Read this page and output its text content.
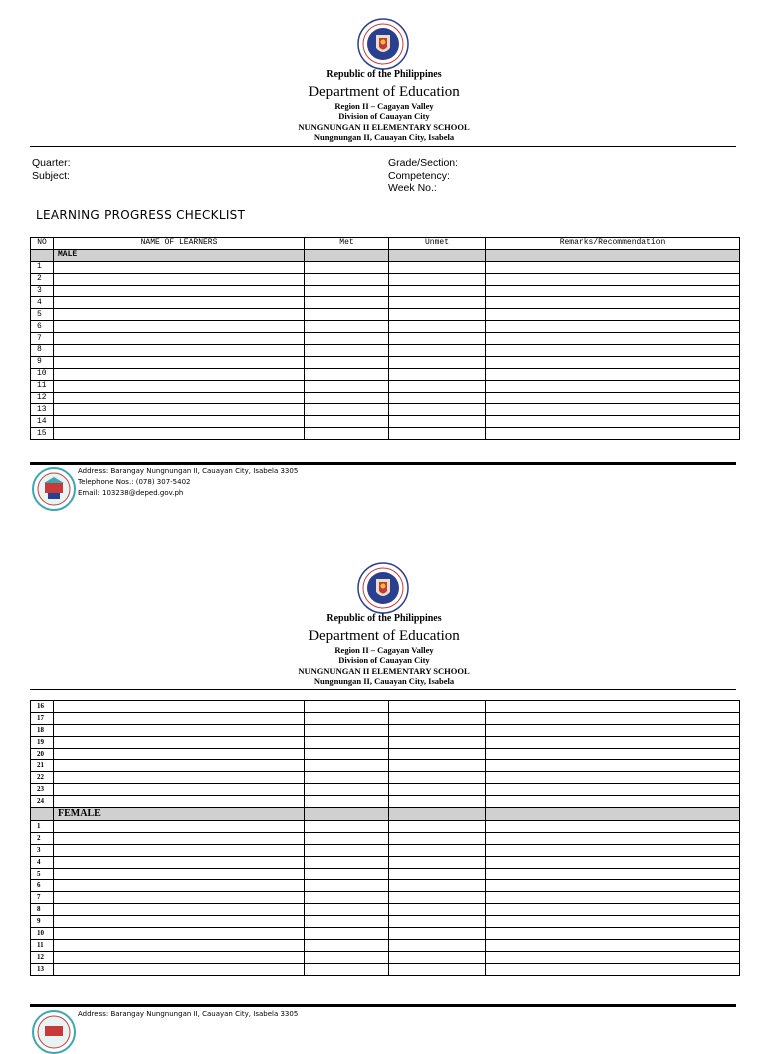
Republic of the Philippines
Department of Education
Region II – Cagayan Valley
Division of Cauayan City
NUNGNUNGAN II ELEMENTARY SCHOOL
Nungnungan II, Cauayan City, Isabela
Quarter:
Subject:
Grade/Section:
Competency:
Week No.:
LEARNING PROGRESS CHECKLIST
NO	NAME OF LEARNERS	Met	Unmet	Remarks/Recommendation
	MALE			
1				
2				
3				
4				
5				
6				
7				
8				
9				
10				
11				
12				
13				
14				
15				
Address: Barangay Nungnungan II, Cauayan City, Isabela 3305
Telephone Nos.: (078) 307-5402
Email: 103238@deped.gov.ph
Republic of the Philippines
Department of Education
Region II – Cagayan Valley
Division of Cauayan City
NUNGNUNGAN II ELEMENTARY SCHOOL
Nungnungan II, Cauayan City, Isabela
16				
17				
18				
19				
20				
21				
22				
23				
24				
	FEMALE			
1				
2				
3				
4				
5				
6				
7				
8				
9				
10				
11				
12				
13				
Address: Barangay Nungnungan II, Cauayan City, Isabela 3305
